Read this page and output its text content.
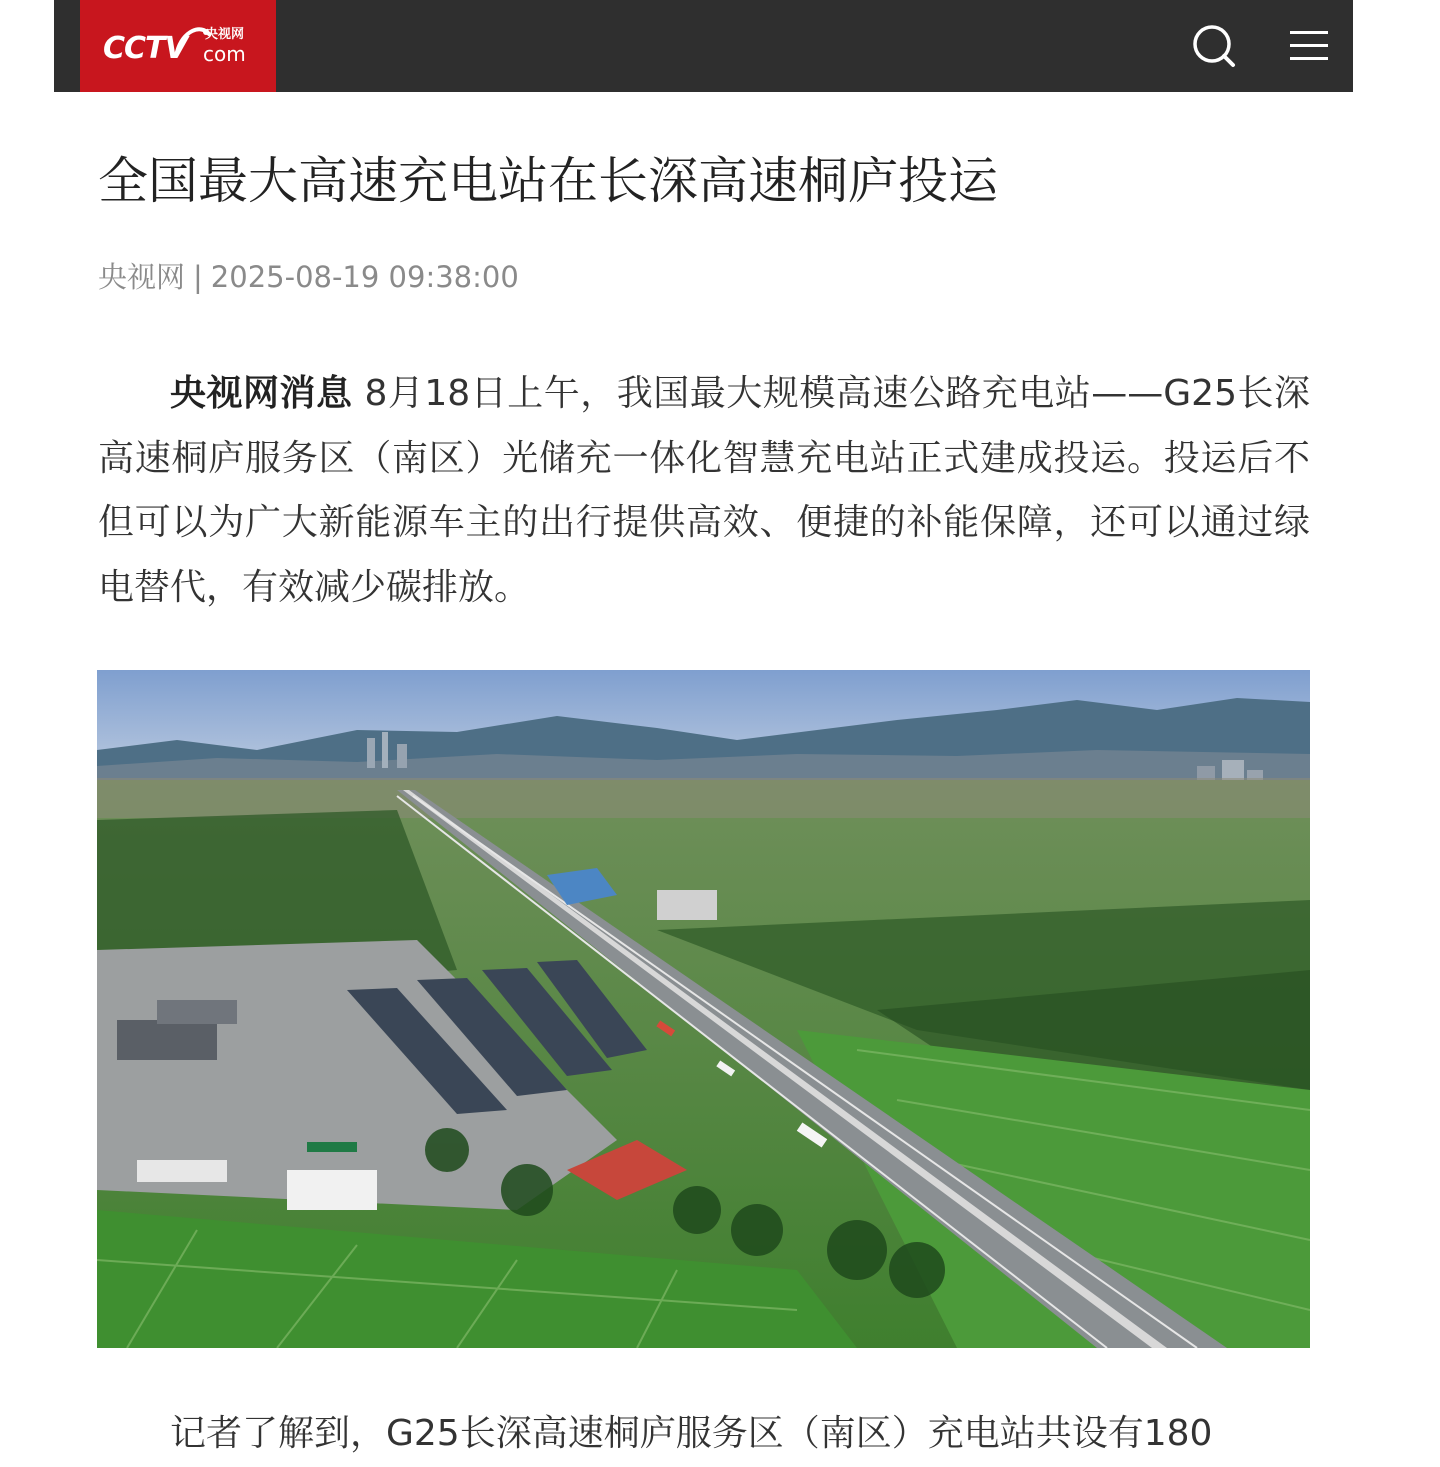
CCTV 央视网
com
全国最大高速充电站在长深高速桐庐投运
央视网 | 2025-08-19 09:38:00

央视网消息 8月18日上午，我国最大规模高速公路充电站——G25长深高速桐庐服务区（南区）光储充一体化智慧充电站正式建成投运。投运后不但可以为广大新能源车主的出行提供高效、便捷的补能保障，还可以通过绿电替代，有效减少碳排放。

记者了解到，G25长深高速桐庐服务区（南区）充电站共设有180
